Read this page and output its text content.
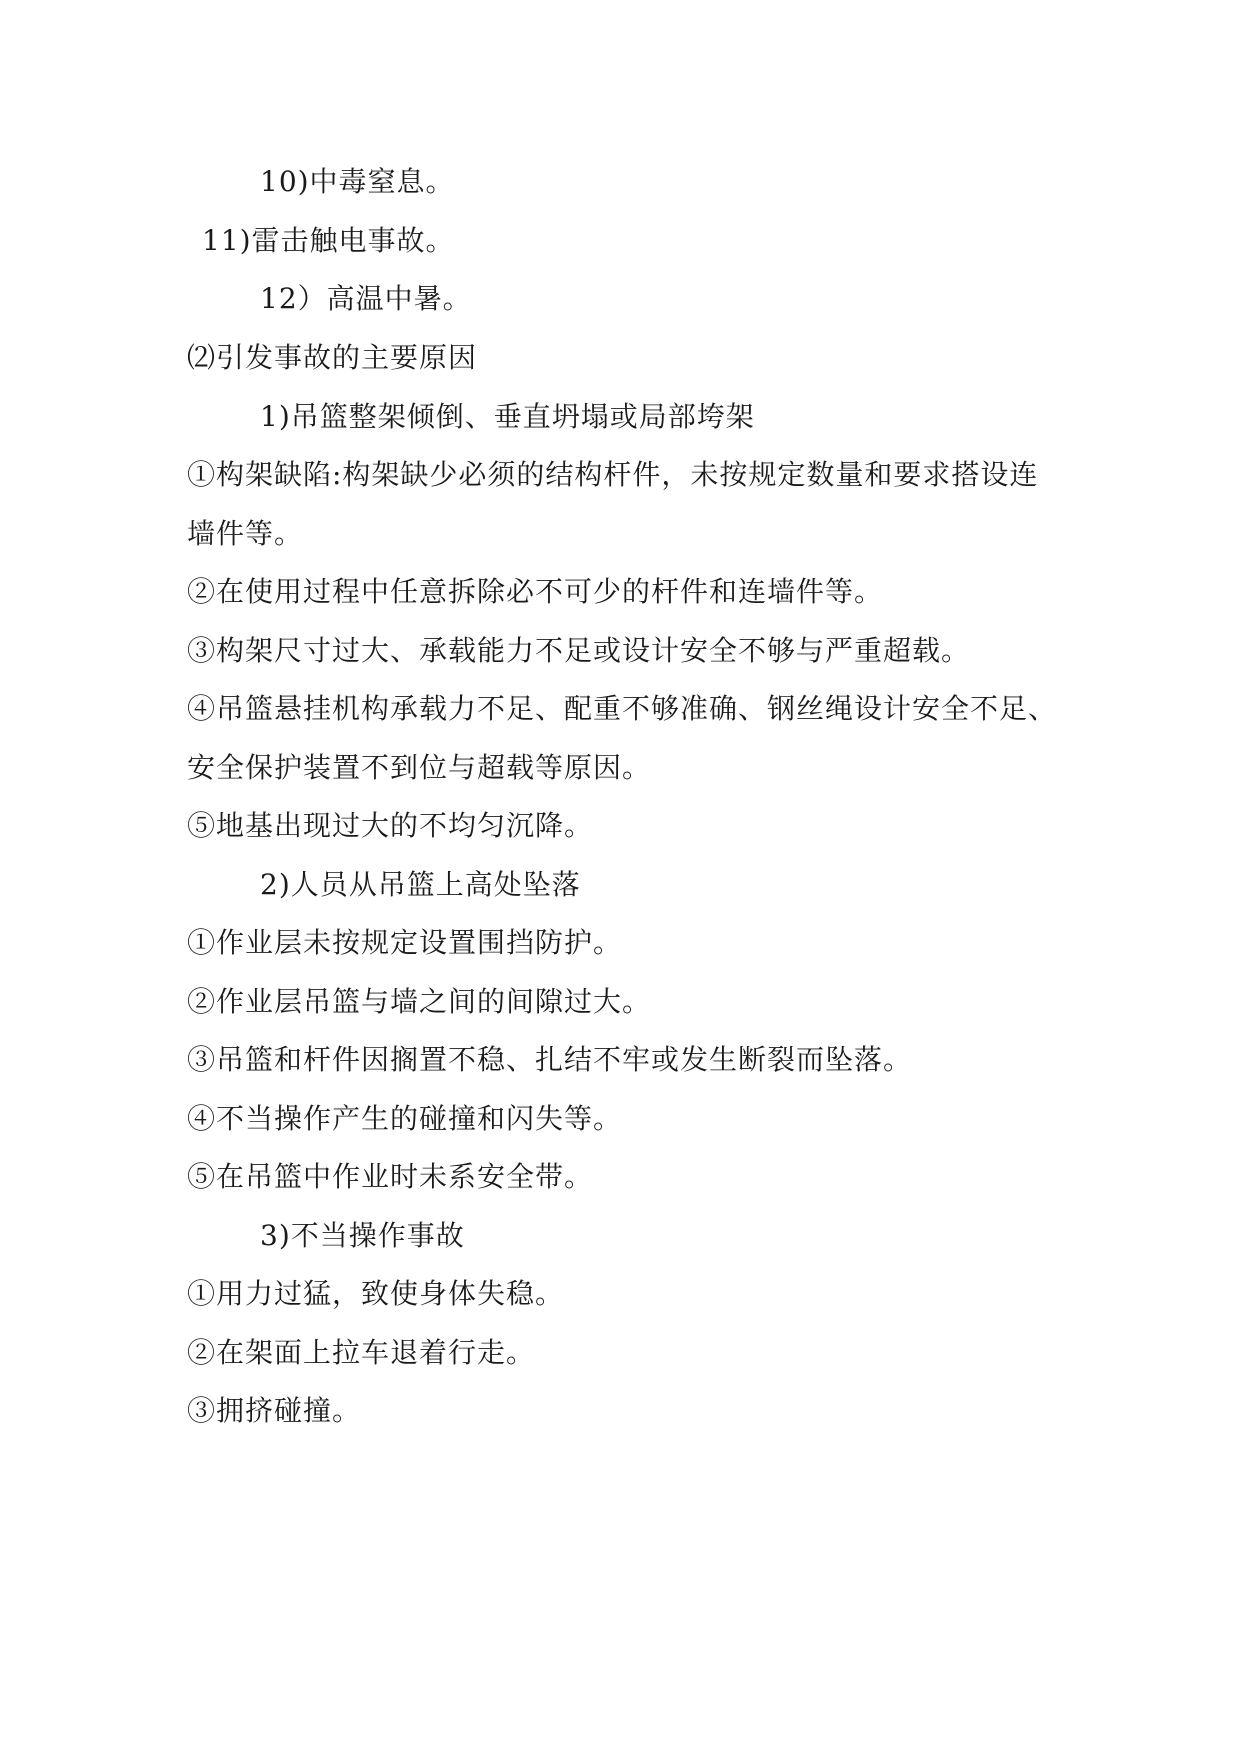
10)中毒窒息。
11)雷击触电事故。
12）高温中暑。
⑵引发事故的主要原因
1)吊篮整架倾倒、垂直坍塌或局部垮架
①构架缺陷:构架缺少必须的结构杆件，未按规定数量和要求搭设连
墙件等。
②在使用过程中任意拆除必不可少的杆件和连墙件等。
③构架尺寸过大、承载能力不足或设计安全不够与严重超载。
④吊篮悬挂机构承载力不足、配重不够准确、钢丝绳设计安全不足、
安全保护装置不到位与超载等原因。
⑤地基出现过大的不均匀沉降。
2)人员从吊篮上高处坠落
①作业层未按规定设置围挡防护。
②作业层吊篮与墙之间的间隙过大。
③吊篮和杆件因搁置不稳、扎结不牢或发生断裂而坠落。
④不当操作产生的碰撞和闪失等。
⑤在吊篮中作业时未系安全带。
3)不当操作事故
①用力过猛，致使身体失稳。
②在架面上拉车退着行走。
③拥挤碰撞。
